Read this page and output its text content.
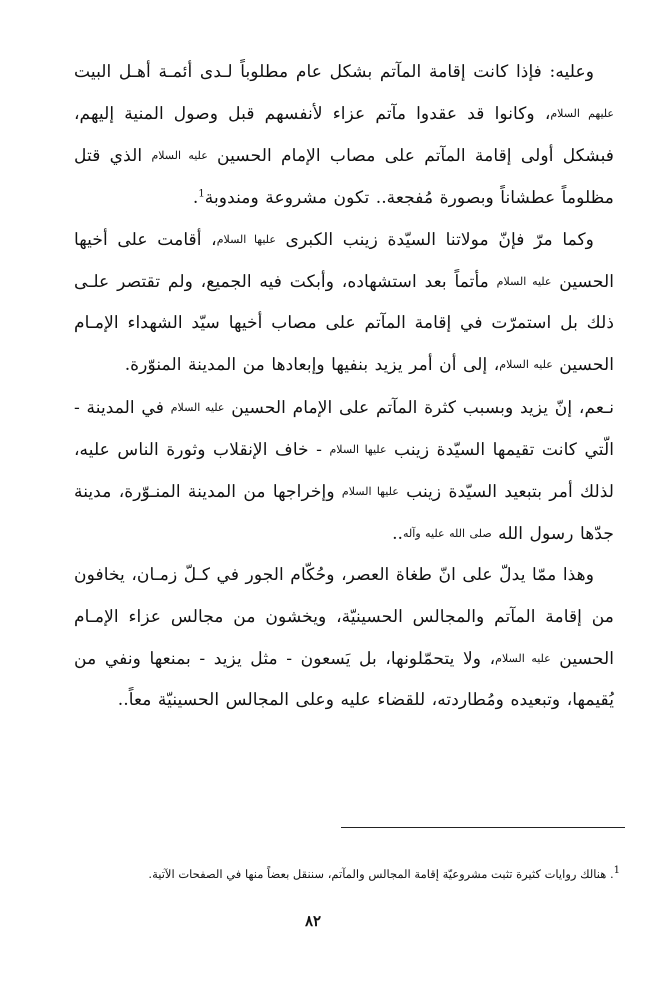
وعليه: فإذا كانت إقامة المآتم بشكل عام مطلوباً لـدى أئمـة أهـل البيت عليهم السلام، وكانوا قد عقدوا مآتم عزاء لأنفسهم قبل وصول المنية إليهم، فبشكل أولى إقامة المآتم على مصاب الإمام الحسين عليه السلام الذي قتل مظلوماً عطشاناً وبصورة مُفجعة.. تكون مشروعة ومندوبة$^1$.

وكما مرّ فإنّ مولاتنا السيّدة زينب الكبرى عليها السلام، أقامت على أخيها الحسين عليه السلام مأتماً بعد استشهاده، وأبكت فيه الجميع، ولم تقتصر علـى ذلك بل استمرّت في إقامة المآتم على مصاب أخيها سيّد الشهداء الإمـام الحسين عليه السلام، إلى أن أمر يزيد بنفيها وإبعادها من المدينة المنوّرة.

نـعم، إنّ يزيد وبسبب كثرة المآتم على الإمام الحسين عليه السلام في المدينة - الّتي كانت تقيمها السيّدة زينب عليها السلام - خاف الإنقلاب وثورة الناس عليه، لذلك أمر بتبعيد السيّدة زينب عليها السلام وإخراجها من المدينة المنـوّرة، مدينة جدّها رسول الله صلى الله عليه وآله..

وهذا ممّا يدلّ على انّ طغاة العصر، وحُكّام الجور في كـلّ زمـان، يخافون من إقامة المآتم والمجالس الحسينيّة، ويخشون من مجالس عزاء الإمـام الحسين عليه السلام، ولا يتحمّلونها، بل يَسعون - مثل يزيد - بمنعها ونفي من يُقيمها، وتبعيده ومُطاردته، للقضاء عليه وعلى المجالس الحسينيّة معاً..

1. هنالك روايات كثيرة تثبت مشروعيّة إقامة المجالس والمآتم، سننقل بعضاً منها في الصفحات الآتية.
٨٢
